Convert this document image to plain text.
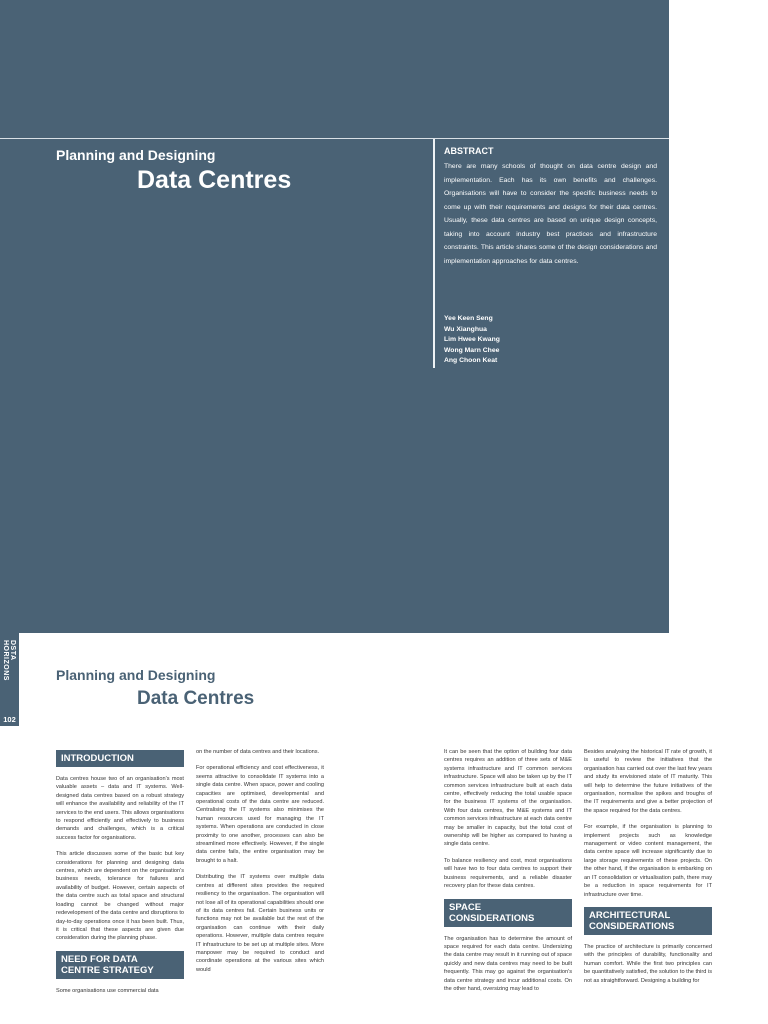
Planning and Designing
Data Centres
ABSTRACT
There are many schools of thought on data centre design and implementation. Each has its own benefits and challenges. Organisations will have to consider the specific business needs to come up with their requirements and designs for their data centres. Usually, these data centres are based on unique design concepts, taking into account industry best practices and infrastructure constraints. This article shares some of the design considerations and implementation approaches for data centres.
Yee Keen Seng
Wu Xianghua
Lim Hwee Kwang
Wong Marn Chee
Ang Choon Keat
DSTA HORIZONS
102
Planning and Designing
Data Centres
INTRODUCTION

Data centres house two of an organisation's most valuable assets – data and IT systems. Well-designed data centres based on a robust strategy will enhance the availability and reliability of the IT services to the end users. This allows organisations to respond efficiently and effectively to business demands and challenges, which is a critical success factor for organisations.

This article discusses some of the basic but key considerations for planning and designing data centres, which are dependent on the organisation's business needs, tolerance for failures and availability of budget. However, certain aspects of the data centre such as total space and structural loading cannot be changed without major redevelopment of the data centre and disruptions to day-to-day operations once it has been built. Thus, it is critical that these aspects are given due consideration during the planning phase.

NEED FOR DATA CENTRE STRATEGY

Some organisations use commercial data

on the number of data centres and their locations.

For operational efficiency and cost effectiveness, it seems attractive to consolidate IT systems into a single data centre. When space, power and cooling capacities are optimised, developmental and operational costs of the data centre are reduced. Centralising the IT systems also minimises the human resources used for managing the IT systems. When operations are conducted in close proximity to one another, processes can also be streamlined more effectively. However, if the single data centre fails, the entire organisation may be brought to a halt.

Distributing the IT systems over multiple data centres at different sites provides the required resiliency to the organisation. The organisation will not lose all of its operational capabilities should one of its data centres fail. Certain business units or functions may not be available but the rest of the organisation can continue with their daily operations. However, multiple data centres require IT infrastructure to be set up at multiple sites. More manpower may be required to conduct and coordinate operations at the various sites which would

It can be seen that the option of building four data centres requires an addition of three sets of M&E systems infrastructure and IT common services infrastructure. Space will also be taken up by the IT common services infrastructure built at each data centre, effectively reducing the total usable space for the business IT systems of the organisation. With four data centres, the M&E systems and IT common services infrastructure at each data centre may be smaller in capacity, but the total cost of ownership will be higher as compared to having a single data centre.

To balance resiliency and cost, most organisations will have two to four data centres to support their business requirements, and a reliable disaster recovery plan for these data centres.

SPACE CONSIDERATIONS

The organisation has to determine the amount of space required for each data centre. Undersizing the data centre may result in it running out of space quickly and new data centres may need to be built frequently. This may go against the organisation's data centre strategy and incur additional costs. On the other hand, oversizing may lead to

Besides analysing the historical IT rate of growth, it is useful to review the initiatives that the organisation has carried out over the last few years and study its envisioned state of IT maturity. This will help to determine the future initiatives of the organisation, normalise the spikes and troughs of the IT requirements and give a better projection of the space required for the data centres.

For example, if the organisation is planning to implement projects such as knowledge management or video content management, the data centre space will increase significantly due to large storage requirements of these projects. On the other hand, if the organisation is embarking on an IT consolidation or virtualisation path, there may be a reduction in space requirements for IT infrastructure over time.

ARCHITECTURAL CONSIDERATIONS

The practice of architecture is primarily concerned with the principles of durability, functionality and human comfort. While the first two principles can be quantitatively satisfied, the solution to the third is not as straightforward. Designing a building for
